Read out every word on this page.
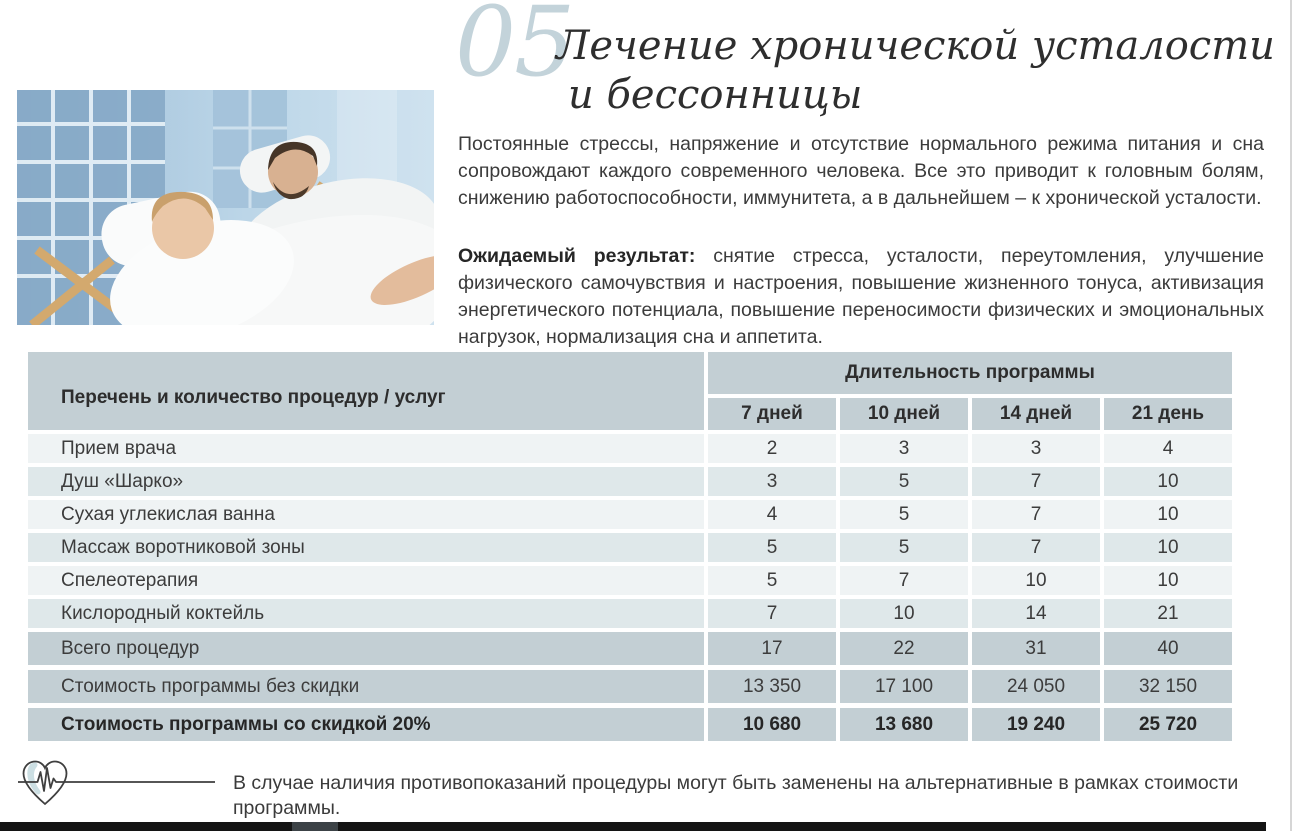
05
Лечение хронической усталости
и бессонницы
Постоянные стрессы, напряжение и отсутствие нормального режима питания и сна сопровождают каждого современного человека. Все это приводит к головным болям, снижению работоспособности, иммунитета, а в дальнейшем – к хронической усталости.
Ожидаемый результат: снятие стресса, усталости, переутомления, улучшение физического самочувствия и настроения, повышение жизненного тонуса, активизация энергетического потенциала, повышение переносимости физических и эмоциональных нагрузок, нормализация сна и аппетита.
Перечень и количество процедур / услуг
Длительность программы
7 дней	10 дней	14 дней	21 день
Прием врача	2	3	3	4
Душ «Шарко»	3	5	7	10
Сухая углекислая ванна	4	5	7	10
Массаж воротниковой зоны	5	5	7	10
Спелеотерапия	5	7	10	10
Кислородный коктейль	7	10	14	21
Всего процедур	17	22	31	40
Стоимость программы без скидки	13 350	17 100	24 050	32 150
Стоимость программы со скидкой 20%	10 680	13 680	19 240	25 720
В случае наличия противопоказаний процедуры могут быть заменены на альтернативные в рамках стоимости программы.
